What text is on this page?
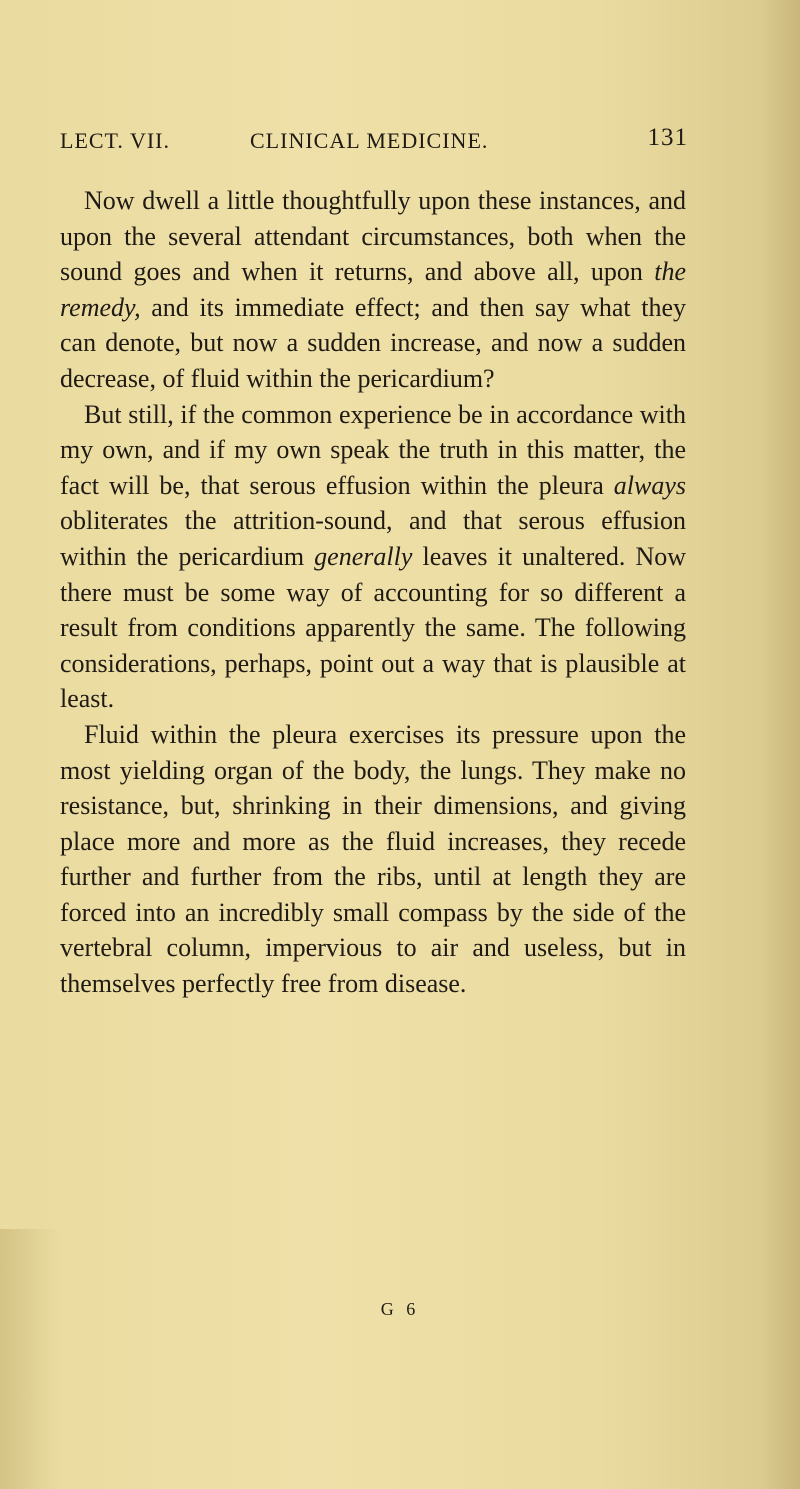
LECT. VII.	CLINICAL MEDICINE.	131

Now dwell a little thoughtfully upon these instances, and upon the several attendant circumstances, both when the sound goes and when it returns, and above all, upon the remedy, and its immediate effect; and then say what they can denote, but now a sudden increase, and now a sudden decrease, of fluid within the pericardium?

But still, if the common experience be in accordance with my own, and if my own speak the truth in this matter, the fact will be, that serous effusion within the pleura always obliterates the attrition-sound, and that serous effusion within the pericardium generally leaves it unaltered. Now there must be some way of accounting for so different a result from conditions apparently the same. The following considerations, perhaps, point out a way that is plausible at least.

Fluid within the pleura exercises its pressure upon the most yielding organ of the body, the lungs. They make no resistance, but, shrinking in their dimensions, and giving place more and more as the fluid increases, they recede further and further from the ribs, until at length they are forced into an incredibly small compass by the side of the vertebral column, impervious to air and useless, but in themselves perfectly free from disease.

G 6
